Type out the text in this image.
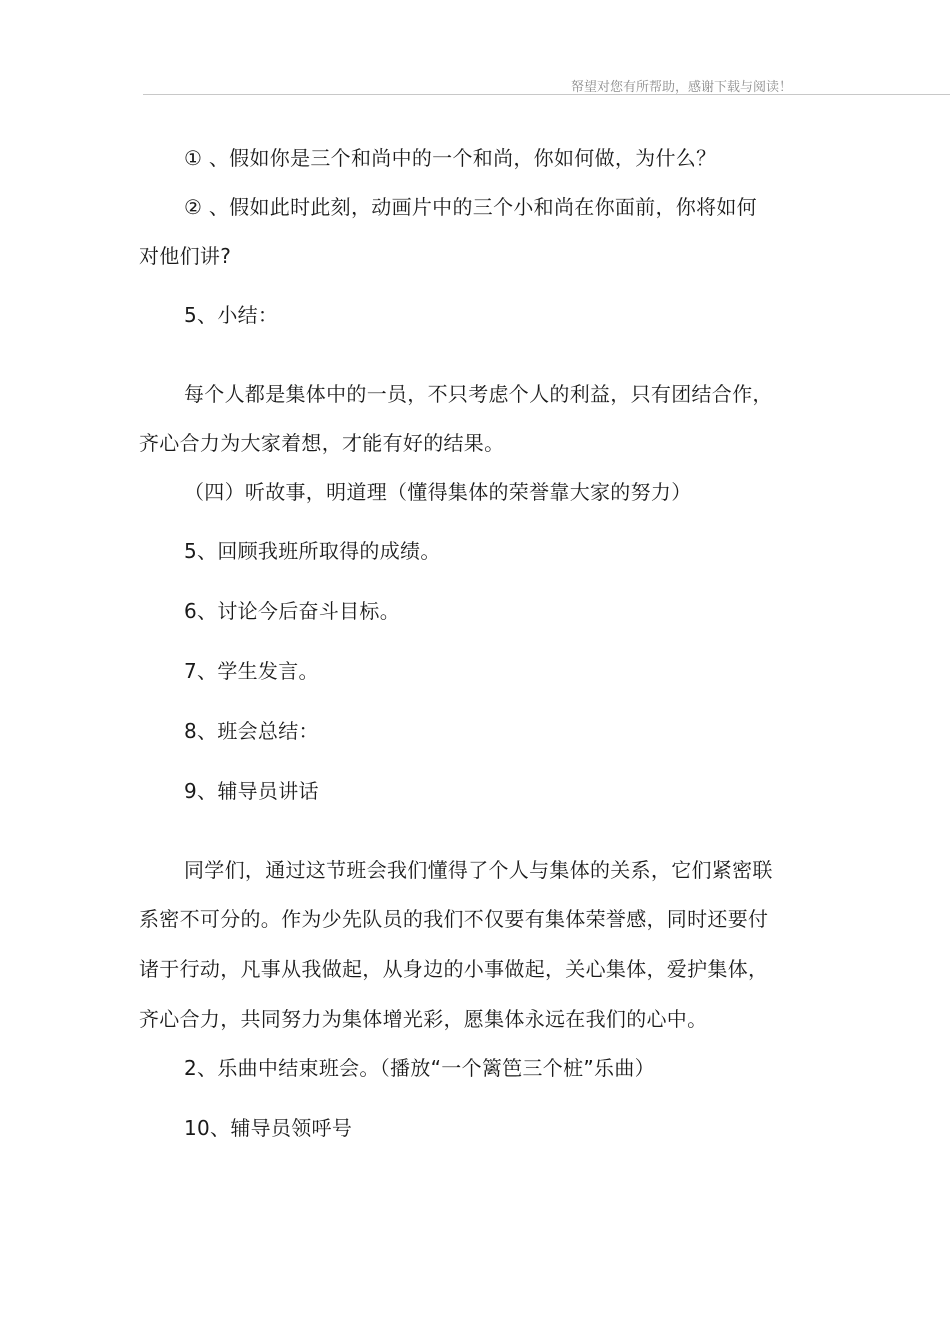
帑望对您有所帮助，感谢下载与阅读！
① 、假如你是三个和尚中的一个和尚，你如何做，为什么？
② 、假如此时此刻，动画片中的三个小和尚在你面前，你将如何
对他们讲?
5、小结：
每个人都是集体中的一员，不只考虑个人的利益，只有团结合作，
齐心合力为大家着想，才能有好的结果。
（四）听故事，明道理（懂得集体的荣誉靠大家的努力）
5、回顾我班所取得的成绩。
6、讨论今后奋斗目标。
7、学生发言。
8、班会总结：
9、辅导员讲话
同学们，通过这节班会我们懂得了个人与集体的关系，它们紧密联
系密不可分的。作为少先队员的我们不仅要有集体荣誉感，同时还要付
诸于行动，凡事从我做起，从身边的小事做起，关心集体，爱护集体，
齐心合力，共同努力为集体增光彩，愿集体永远在我们的心中。
2、乐曲中结束班会。（播放“一个篱笆三个桩”乐曲）
10、辅导员领呼号
